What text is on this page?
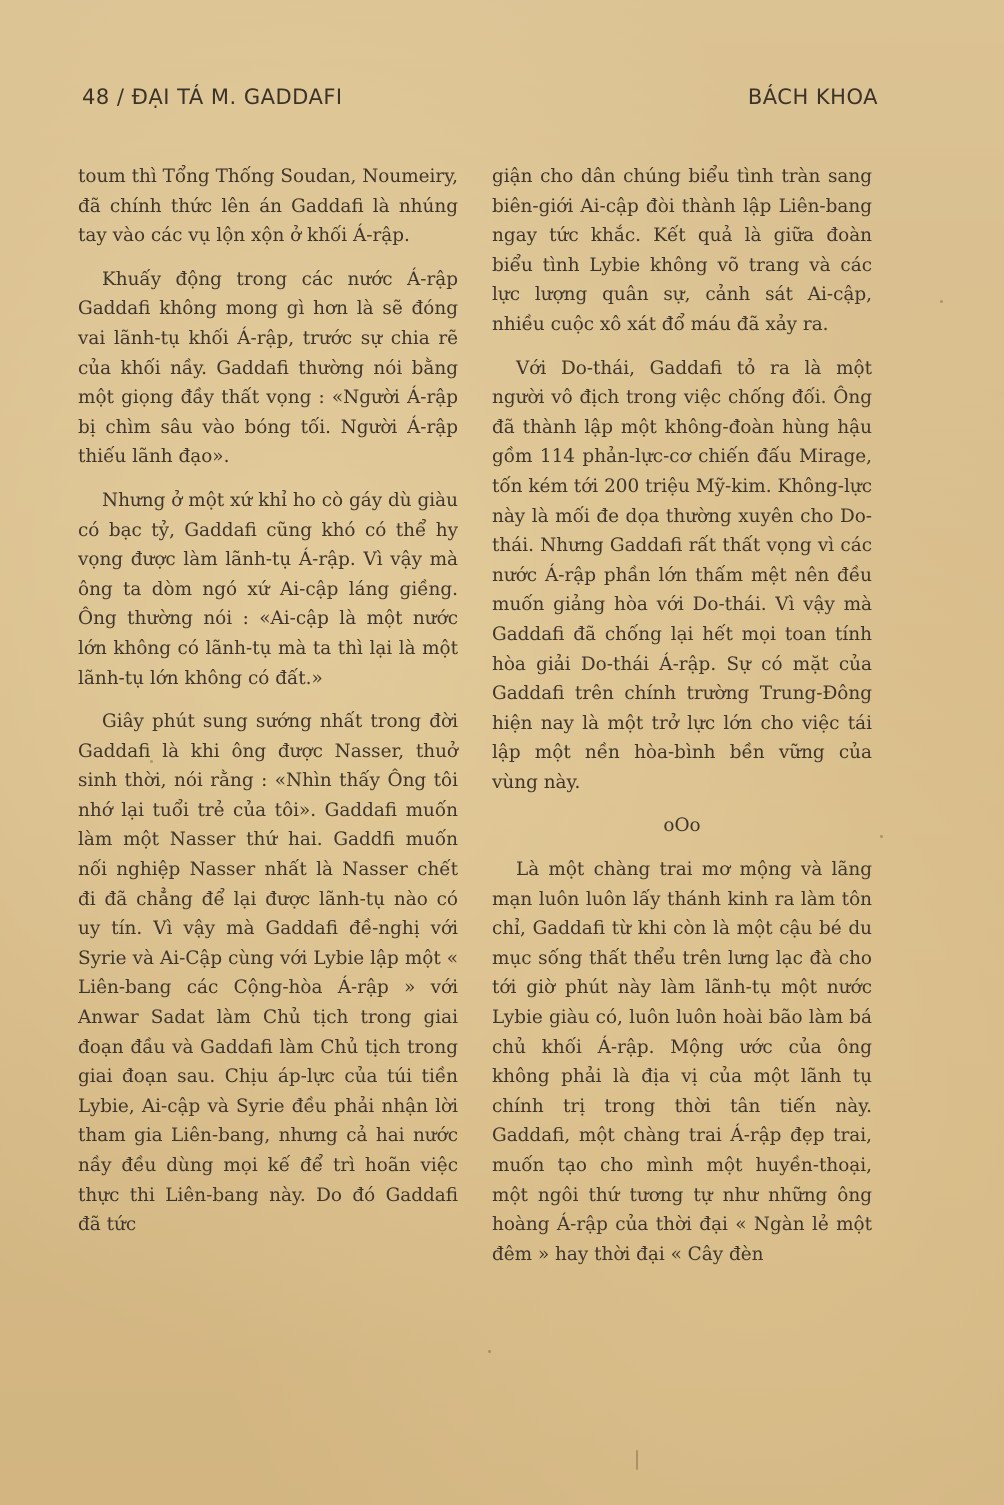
48 / ĐẠI TÁ M. GADDAFI	BÁCH KHOA

toum thì Tổng Thống Soudan, Noumeiry, đã chính thức lên án Gaddafi là nhúng tay vào các vụ lộn xộn ở khối Á-rập.

Khuấy động trong các nước Á-rập Gaddafi không mong gì hơn là sẽ đóng vai lãnh-tụ khối Á-rập, trước sự chia rẽ của khối nầy. Gaddafi thường nói bằng một giọng đầy thất vọng : «Người Á-rập bị chìm sâu vào bóng tối. Người Á-rập thiếu lãnh đạo».

Nhưng ở một xứ khỉ ho cò gáy dù giàu có bạc tỷ, Gaddafi cũng khó có thể hy vọng được làm lãnh-tụ Á-rập. Vì vậy mà ông ta dòm ngó xứ Ai-cập láng giềng. Ông thường nói : «Ai-cập là một nước lớn không có lãnh-tụ mà ta thì lại là một lãnh-tụ lớn không có đất.»

Giây phút sung sướng nhất trong đời Gaddafi là khi ông được Nasser, thuở sinh thời, nói rằng : «Nhìn thấy Ông tôi nhớ lại tuổi trẻ của tôi». Gaddafi muốn làm một Nasser thứ hai. Gaddfi muốn nối nghiệp Nasser nhất là Nasser chết đi đã chẳng để lại được lãnh-tụ nào có uy tín. Vì vậy mà Gaddafi đề-nghị với Syrie và Ai-Cập cùng với Lybie lập một « Liên-bang các Cộng-hòa Á-rập » với Anwar Sadat làm Chủ tịch trong giai đoạn đầu và Gaddafi làm Chủ tịch trong giai đoạn sau. Chịu áp-lực của túi tiền Lybie, Ai-cập và Syrie đều phải nhận lời tham gia Liên-bang, nhưng cả hai nước nầy đều dùng mọi kế để trì hoãn việc thực thi Liên-bang này. Do đó Gaddafi đã tức

giận cho dân chúng biểu tình tràn sang biên-giới Ai-cập đòi thành lập Liên-bang ngay tức khắc. Kết quả là giữa đoàn biểu tình Lybie không võ trang và các lực lượng quân sự, cảnh sát Ai-cập, nhiều cuộc xô xát đổ máu đã xảy ra.

Với Do-thái, Gaddafi tỏ ra là một người vô địch trong việc chống đối. Ông đã thành lập một không-đoàn hùng hậu gồm 114 phản-lực-cơ chiến đấu Mirage, tốn kém tới 200 triệu Mỹ-kim. Không-lực này là mối đe dọa thường xuyên cho Do-thái. Nhưng Gaddafi rất thất vọng vì các nước Á-rập phần lớn thấm mệt nên đều muốn giảng hòa với Do-thái. Vì vậy mà Gaddafi đã chống lại hết mọi toan tính hòa giải Do-thái Á-rập. Sự có mặt của Gaddafi trên chính trường Trung-Đông hiện nay là một trở lực lớn cho việc tái lập một nền hòa-bình bền vững của vùng này.

oOo

Là một chàng trai mơ mộng và lãng mạn luôn luôn lấy thánh kinh ra làm tôn chỉ, Gaddafi từ khi còn là một cậu bé du mục sống thất thểu trên lưng lạc đà cho tới giờ phút này làm lãnh-tụ một nước Lybie giàu có, luôn luôn hoài bão làm bá chủ khối Á-rập. Mộng ước của ông không phải là địa vị của một lãnh tụ chính trị trong thời tân tiến này. Gaddafi, một chàng trai Á-rập đẹp trai, muốn tạo cho mình một huyền-thoại, một ngôi thứ tương tự như những ông hoàng Á-rập của thời đại « Ngàn lẻ một đêm » hay thời đại « Cây đèn
